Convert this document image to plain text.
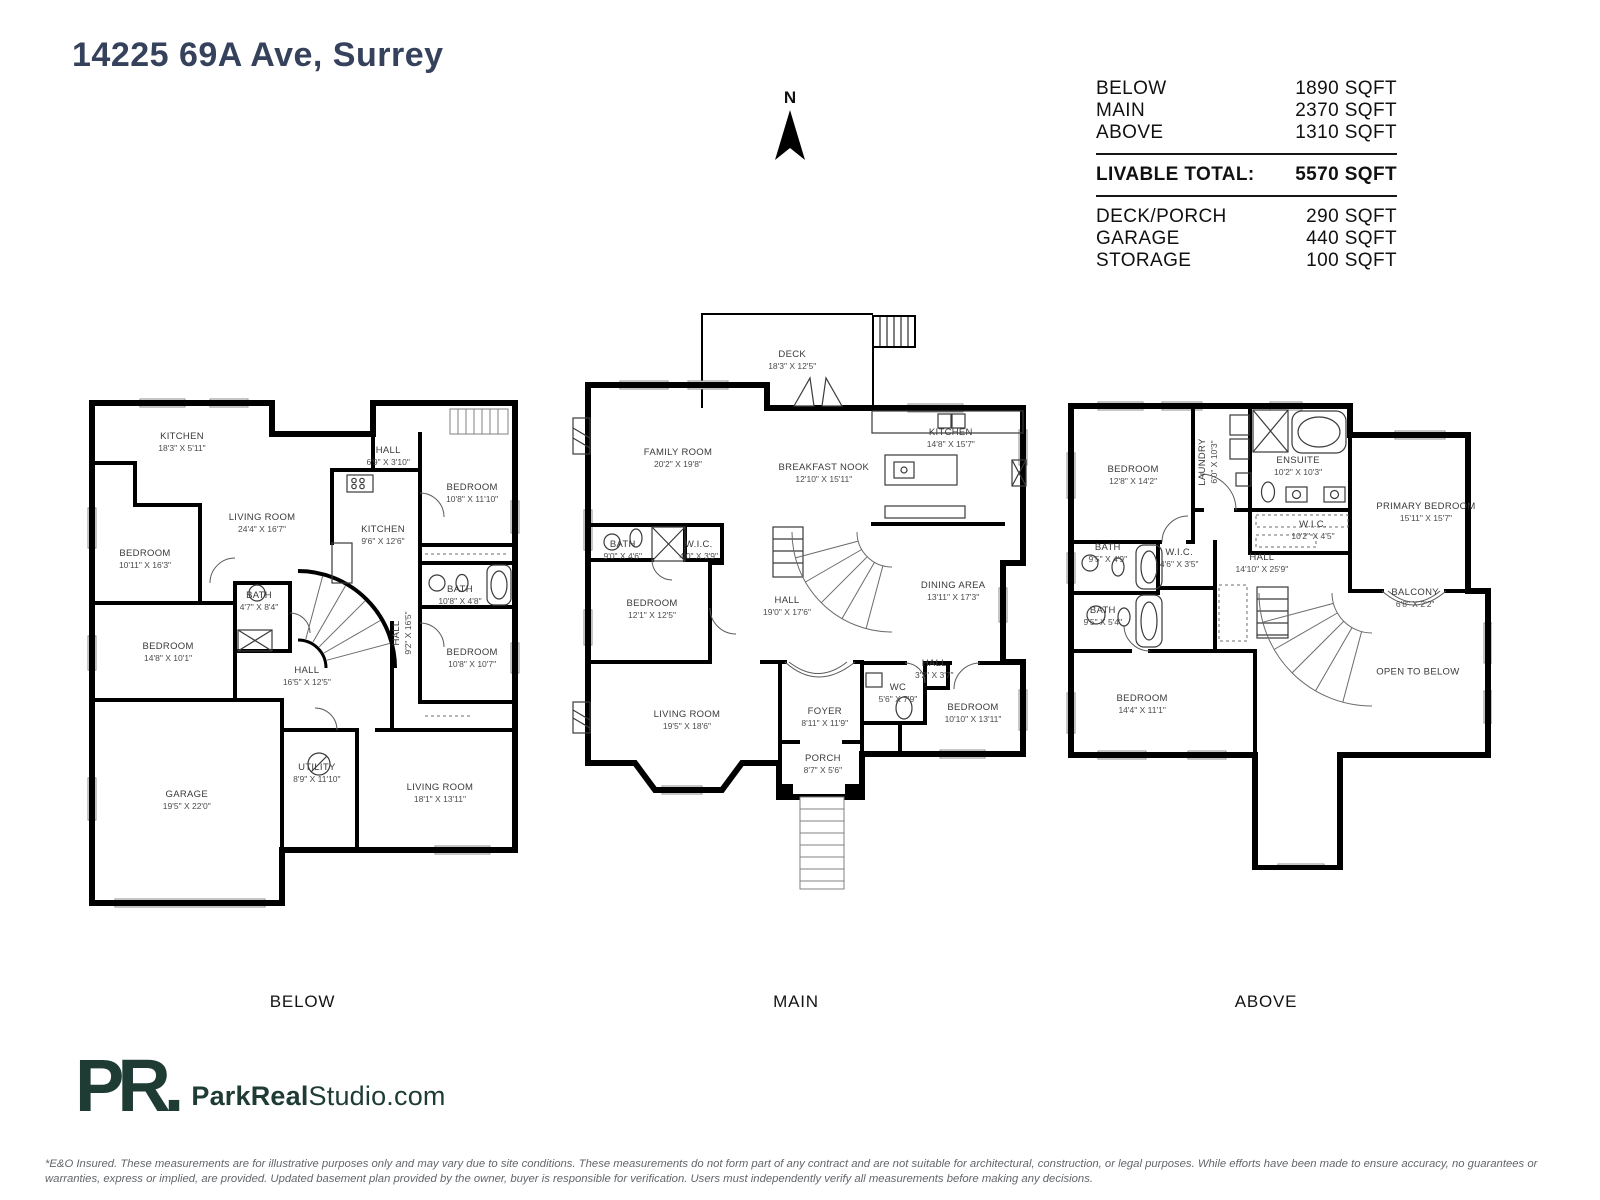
14225 69A Ave, Surrey
N	BELOW	1890 SQFT
MAIN	2370 SQFT
ABOVE	1310 SQFT
LIVABLE TOTAL: 5570 SQFT
DECK/PORCH	290 SQFT
GARAGE	440 SQFT
STORAGE	100 SQFT
KITCHEN
18'3" X 5'11"	HALL
6'9" X 3'10"
BEDROOM
10'8" X 11'10"
LIVING ROOM
24'4" X 16'7"	KITCHEN
9'6" X 12'6"
BEDROOM
10'11" X 16'3"
BATH
4'7" X 8'4"
BATH
10'8" X 4'8"
HALL 9'2" X 16'5"
BEDROOM
14'8" X 10'1"
HALL
16'5" X 12'5"
BEDROOM
10'8" X 10'7"
UTILITY
8'9" X 11'10"
GARAGE
19'5" X 22'0"
LIVING ROOM
18'1" X 13'11"
DECK
18'3" X 12'5"
FAMILY ROOM
20'2" X 19'8"	BREAKFAST NOOK
12'10" X 15'11"
KITCHEN
14'8" X 15'7"
BATH
9'0" X 4'6"
W.I.C.
4'0" X 3'9"
BEDROOM
12'1" X 12'5"
HALL
19'0" X 17'6"
DINING AREA
13'11" X 17'3"
LIVING ROOM
19'5" X 18'6"
FOYER
8'11" X 11'9"
WC
5'6" X 7'9"
HALL
3'2" X 3'7"
BEDROOM
10'10" X 13'11"
PORCH
8'7" X 5'6"
BEDROOM
12'8" X 14'2"	LAUNDRY 6'0" X 10'3"	ENSUITE
10'2" X 10'3"
PRIMARY BEDROOM
15'11" X 15'7"
W.I.C.
10'2" X 4'5"
BATH
9'5" X 4'9"
W.I.C.
4'6" X 3'5"
HALL
14'10" X 25'9"
BATH
9'5" X 5'4"
BEDROOM
14'4" X 11'1"
BALCONY
6'8" X 2'2"
OPEN TO BELOW
BELOW	MAIN	ABOVE
PR. ParkRealStudio.com
*E&O Insured. These measurements are for illustrative purposes only and may vary due to site conditions. These measurements do not form part of any contract and are not suitable for architectural, construction, or legal purposes. While efforts have been made to ensure accuracy, no guarantees or warranties, express or implied, are provided. Updated basement plan provided by the owner, buyer is responsible for verification. Users must independently verify all measurements before making any decisions.
